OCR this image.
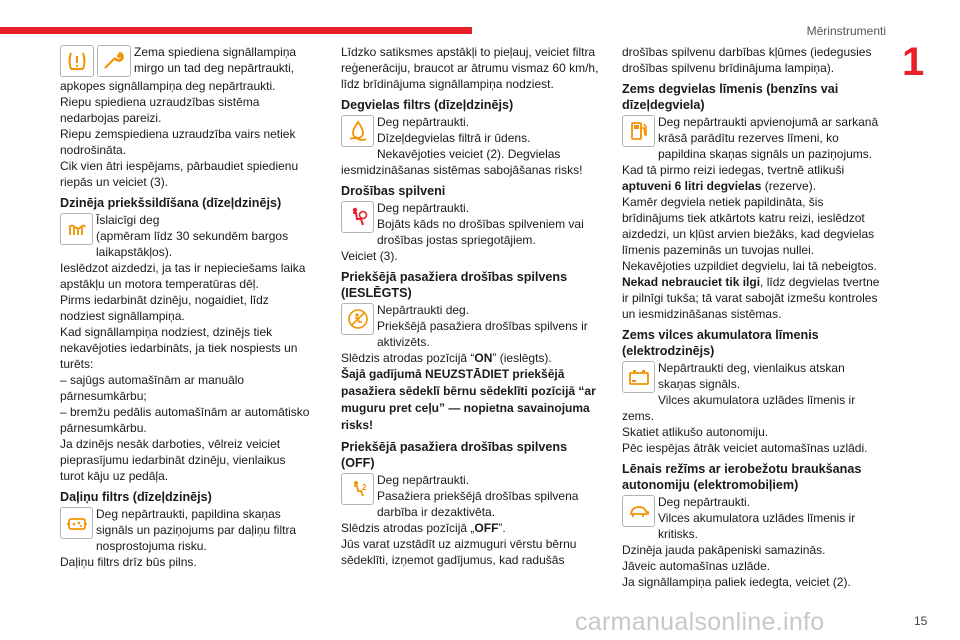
Mērinstrumenti
1

Zema spiediena signāllampiņa

mirgo un tad deg nepārtraukti,

apkopes signāllampiņa deg nepārtraukti.

Riepu spiediena uzraudzības sistēma nedarbojas pareizi.

Riepu zemspiediena uzraudzība vairs netiek nodrošināta.

Cik vien ātri iespējams, pārbaudiet spiedienu riepās un veiciet (3).

Dzinēja priekšsildīšana (dīzeļdzinējs)

Īslaicīgi deg

(apmēram līdz 30 sekundēm bargos

laikapstākļos).

Ieslēdzot aizdedzi, ja tas ir nepieciešams laika apstākļu un motora temperatūras dēļ.

Pirms iedarbināt dzinēju, nogaidiet, līdz nodziest signāllampiņa.

Kad signāllampiņa nodziest, dzinējs tiek nekavējoties iedarbināts, ja tiek nospiests un turēts:

– sajūgs automašīnām ar manuālo pārnesumkārbu;

– bremžu pedālis automašīnām ar automātisko pārnesumkārbu.

Ja dzinējs nesāk darboties, vēlreiz veiciet pieprasījumu iedarbināt dzinēju, vienlaikus turot kāju uz pedāļa.

Daļiņu filtrs (dīzeļdzinējs)

Deg nepārtraukti, papildina skaņas

signāls un paziņojums par daļiņu filtra

nosprostojuma risku.

Daļiņu filtrs drīz būs pilns.

Līdzko satiksmes apstākļi to pieļauj, veiciet filtra reģenerāciju, braucot ar ātrumu vismaz 60 km/h, līdz brīdinājuma signāllampiņa nodziest.

Degvielas filtrs (dīzeļdzinējs)

Deg nepārtraukti.

Dīzeļdegvielas filtrā ir ūdens.

Nekavējoties veiciet (2). Degvielas iesmidzināšanas sistēmas sabojāšanas risks!

Drošības spilveni

Deg nepārtraukti.

Bojāts kāds no drošības spilveniem vai

drošības jostas spriegotājiem.

Veiciet (3).

Priekšējā pasažiera drošības spilvens (IESLĒGTS)

Nepārtraukti deg.

Priekšējā pasažiera drošības spilvens ir

aktivizēts.

Slēdzis atrodas pozīcijā “ON” (ieslēgts).

Šajā gadījumā NEUZSTĀDIET priekšējā pasažiera sēdeklī bērnu sēdeklīti pozīcijā “ar muguru pret ceļu” — nopietna savainojuma risks!

Priekšējā pasažiera drošības spilvens (OFF)
2

Deg nepārtraukti.

Pasažiera priekšējā drošības spilvena

darbība ir dezaktivēta.

Slēdzis atrodas pozīcijā „OFF”.

Jūs varat uzstādīt uz aizmuguri vērstu bērnu sēdeklīti, izņemot gadījumus, kad radušās

drošības spilvenu darbības kļūmes (iedegusies drošības spilvenu brīdinājuma lampiņa).

Zems degvielas līmenis (benzīns vai dīzeļdegviela)

Deg nepārtraukti apvienojumā ar sarkanā

krāsā parādītu rezerves līmeni, ko

papildina skaņas signāls un paziņojums.

Kad tā pirmo reizi iedegas, tvertnē atlikuši aptuveni 6 litri degvielas (rezerve).

Kamēr degviela netiek papildināta, šis brīdinājums tiek atkārtots katru reizi, ieslēdzot aizdedzi, un kļūst arvien biežāks, kad degvielas līmenis pazeminās un tuvojas nullei.

Nekavējoties uzpildiet degvielu, lai tā nebeigtos.

Nekad nebrauciet tik ilgi, līdz degvielas tvertne ir pilnīgi tukša; tā varat sabojāt izmešu kontroles un iesmidzināšanas sistēmas.

Zems vilces akumulatora līmenis (elektrodzinējs)

Nepārtraukti deg, vienlaikus atskan

skaņas signāls.

Vilces akumulatora uzlādes līmenis ir zems.

Skatiet atlikušo autonomiju.

Pēc iespējas ātrāk veiciet automašīnas uzlādi.

Lēnais režīms ar ierobežotu braukšanas autonomiju (elektromobiļiem)

Deg nepārtraukti.

Vilces akumulatora uzlādes līmenis ir

kritisks.

Dzinēja jauda pakāpeniski samazinās.

Jāveic automašīnas uzlāde.

Ja signāllampiņa paliek iedegta, veiciet (2).

carmanualsonline.info	15
